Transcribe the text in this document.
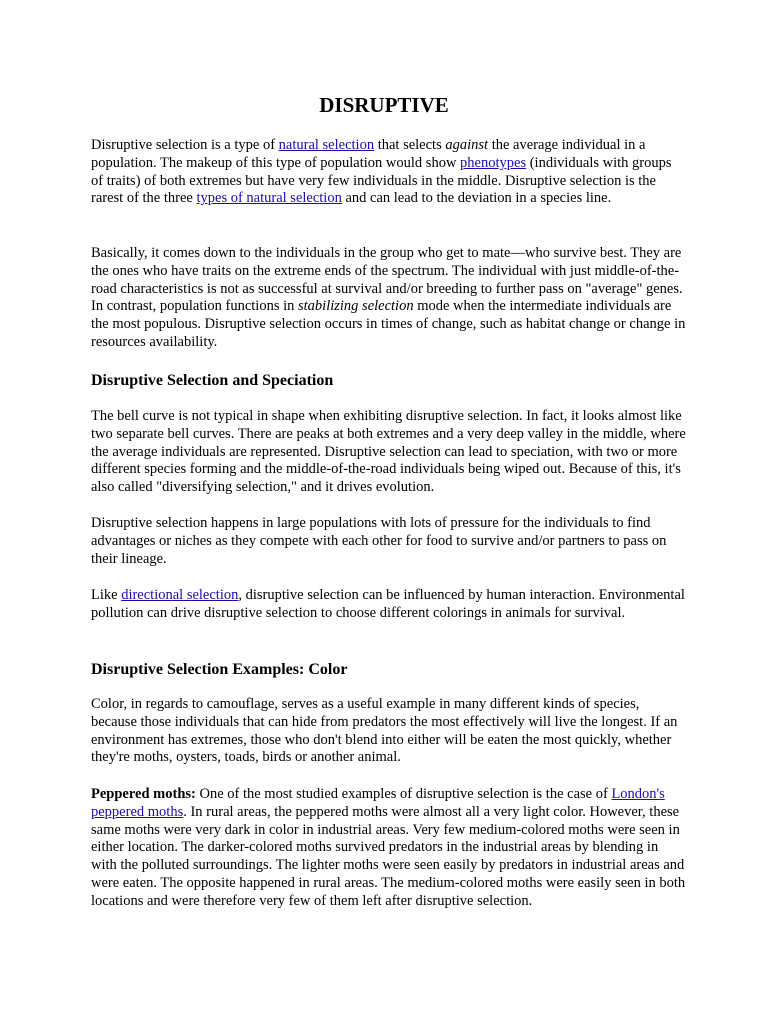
DISRUPTIVE

Disruptive selection is a type of natural selection that selects against the average individual in a population. The makeup of this type of population would show phenotypes (individuals with groups of traits) of both extremes but have very few individuals in the middle. Disruptive selection is the rarest of the three types of natural selection and can lead to the deviation in a species line.

Basically, it comes down to the individuals in the group who get to mate—who survive best. They are the ones who have traits on the extreme ends of the spectrum. The individual with just middle-of-the-road characteristics is not as successful at survival and/or breeding to further pass on "average" genes. In contrast, population functions in stabilizing selection mode when the intermediate individuals are the most populous. Disruptive selection occurs in times of change, such as habitat change or change in resources availability.

Disruptive Selection and Speciation

The bell curve is not typical in shape when exhibiting disruptive selection. In fact, it looks almost like two separate bell curves. There are peaks at both extremes and a very deep valley in the middle, where the average individuals are represented. Disruptive selection can lead to speciation, with two or more different species forming and the middle-of-the-road individuals being wiped out. Because of this, it's also called "diversifying selection," and it drives evolution.

Disruptive selection happens in large populations with lots of pressure for the individuals to find advantages or niches as they compete with each other for food to survive and/or partners to pass on their lineage.

Like directional selection, disruptive selection can be influenced by human interaction. Environmental pollution can drive disruptive selection to choose different colorings in animals for survival.

Disruptive Selection Examples: Color

Color, in regards to camouflage, serves as a useful example in many different kinds of species, because those individuals that can hide from predators the most effectively will live the longest. If an environment has extremes, those who don't blend into either will be eaten the most quickly, whether they're moths, oysters, toads, birds or another animal.

Peppered moths: One of the most studied examples of disruptive selection is the case of London's peppered moths. In rural areas, the peppered moths were almost all a very light color. However, these same moths were very dark in color in industrial areas. Very few medium-colored moths were seen in either location. The darker-colored moths survived predators in the industrial areas by blending in with the polluted surroundings. The lighter moths were seen easily by predators in industrial areas and were eaten. The opposite happened in rural areas. The medium-colored moths were easily seen in both locations and were therefore very few of them left after disruptive selection.
